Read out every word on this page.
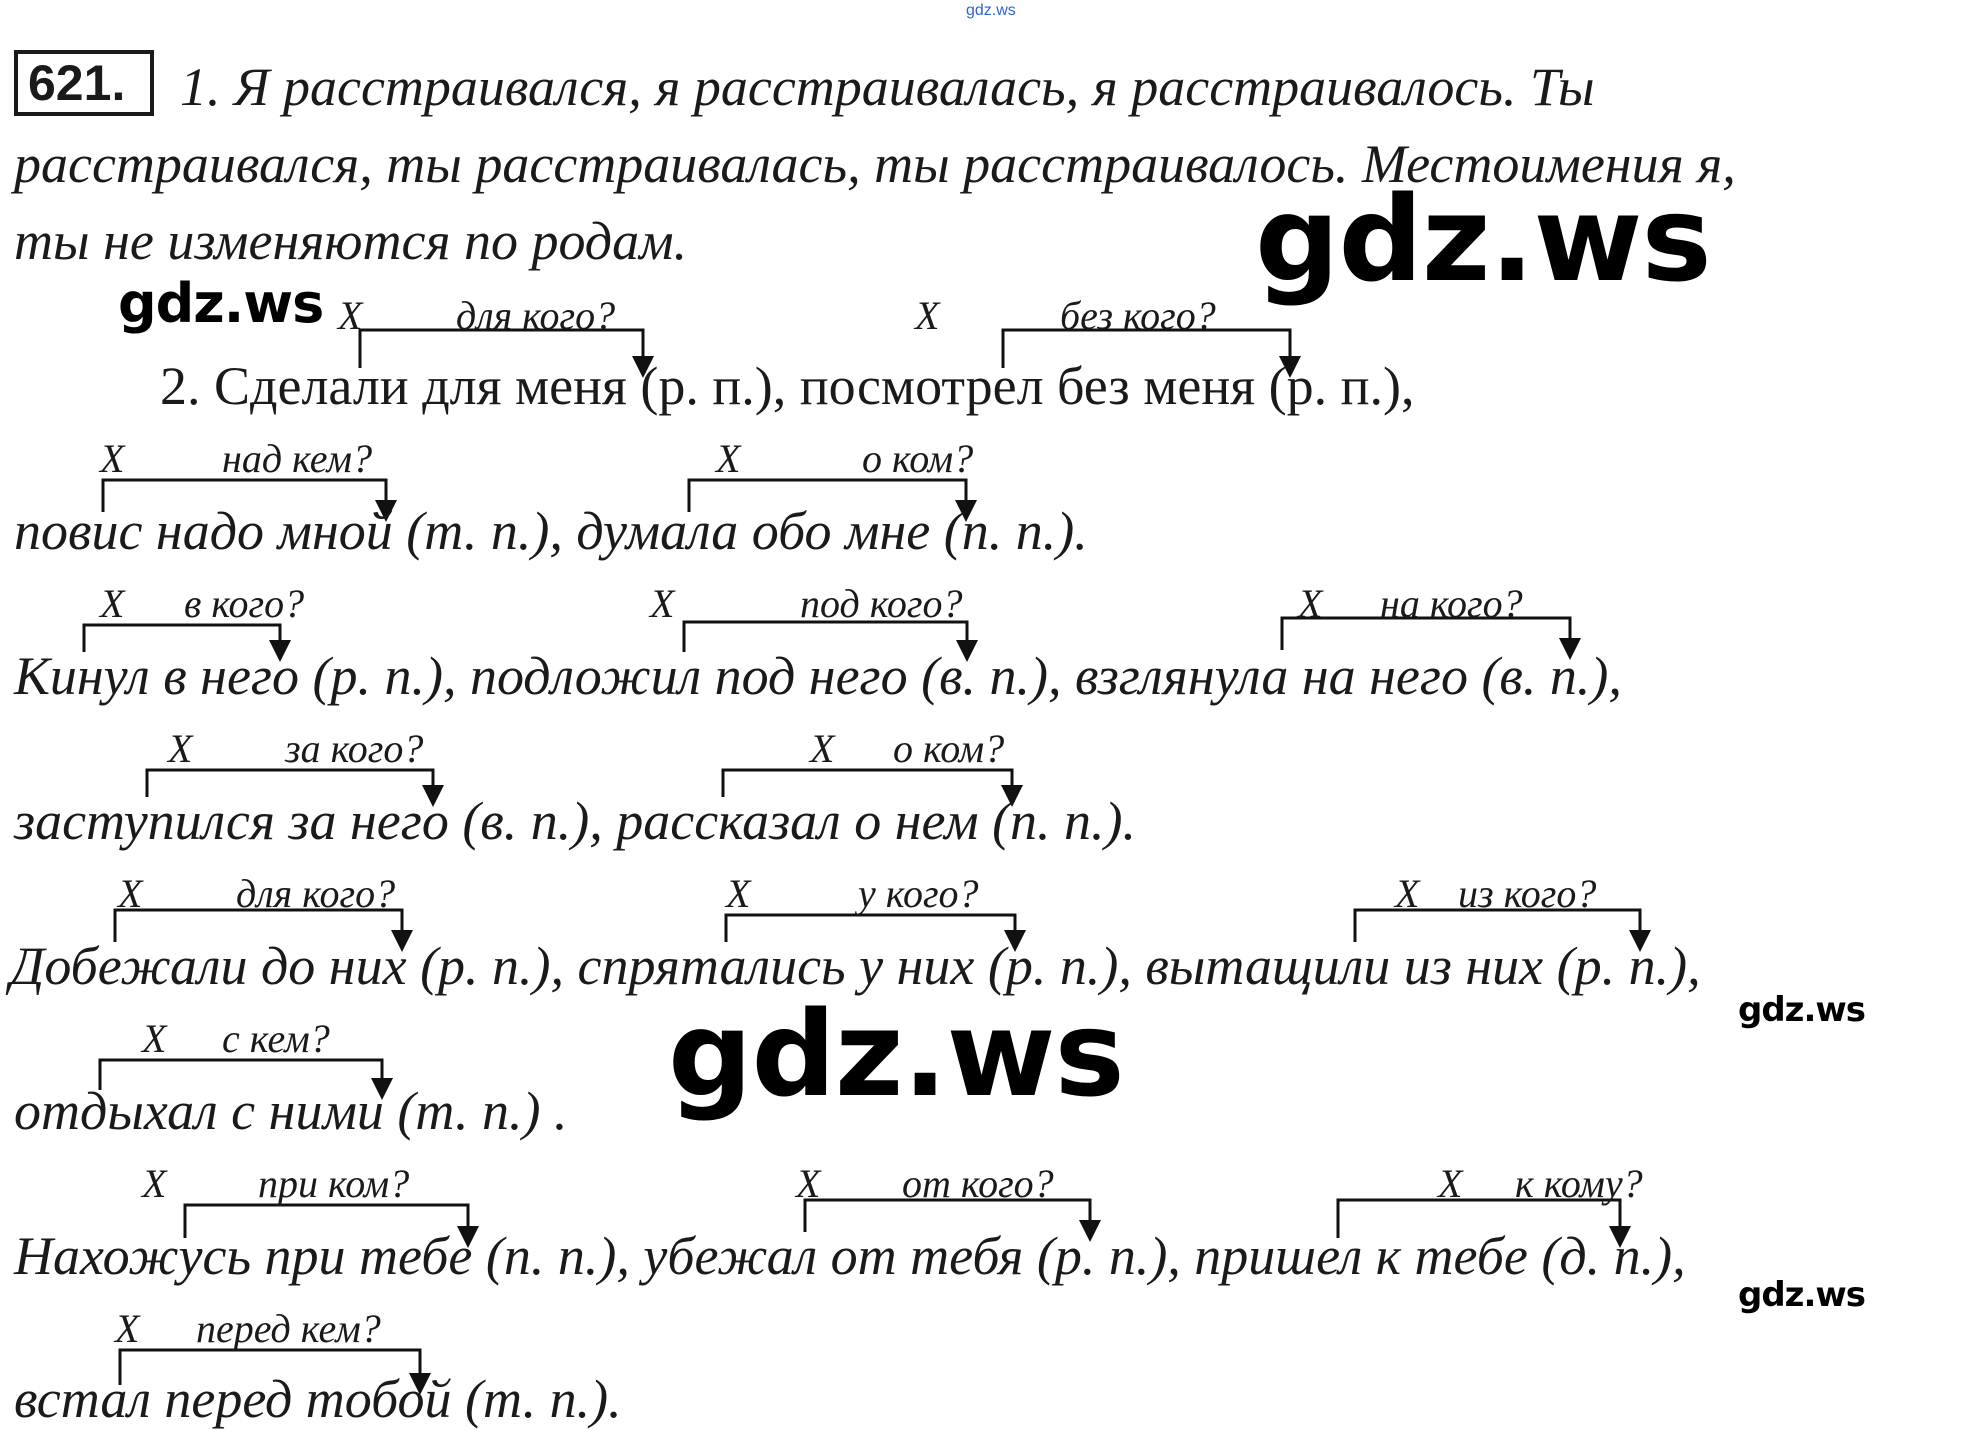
gdz.ws
621.	1. Я расстраивался, я расстраивалась, я расстраивалось. Ты
расстраивался, ты расстраивалась, ты расстраивалось. Местоимения я,
ты не изменяются по родам.
Х для кого?	Х	без кого?
2. Сделали для меня (р. п.), посмотрел без меня (р. п.),
Х над кем?	Х	о ком?
повис надо мной (т. п.), думала обо мне (п. п.).
Х в кого?	Х	под кого?	Х на кого?
Кинул в него (р. п.), подложил под него (в. п.), взглянула на него (в. п.),
Х за кого?	Х о ком?
заступился за него (в. п.), рассказал о нем (п. п.).
Х для кого?	Х	у кого?	Х из кого?
Добежали до них (р. п.), спрятались у них (р. п.), вытащили из них (р. п.),
Х с кем?
отдыхал с ними (т. п.) .
Х при ком?	Х от кого?	Х к кому?
Нахожусь при тебе (п. п.), убежал от тебя (р. п.), пришел к тебе (д. п.),
Х перед кем?
встал перед тобой (т. п.).
gdz.ws
gdz.ws
gdz.ws	gdz.ws
gdz.ws
